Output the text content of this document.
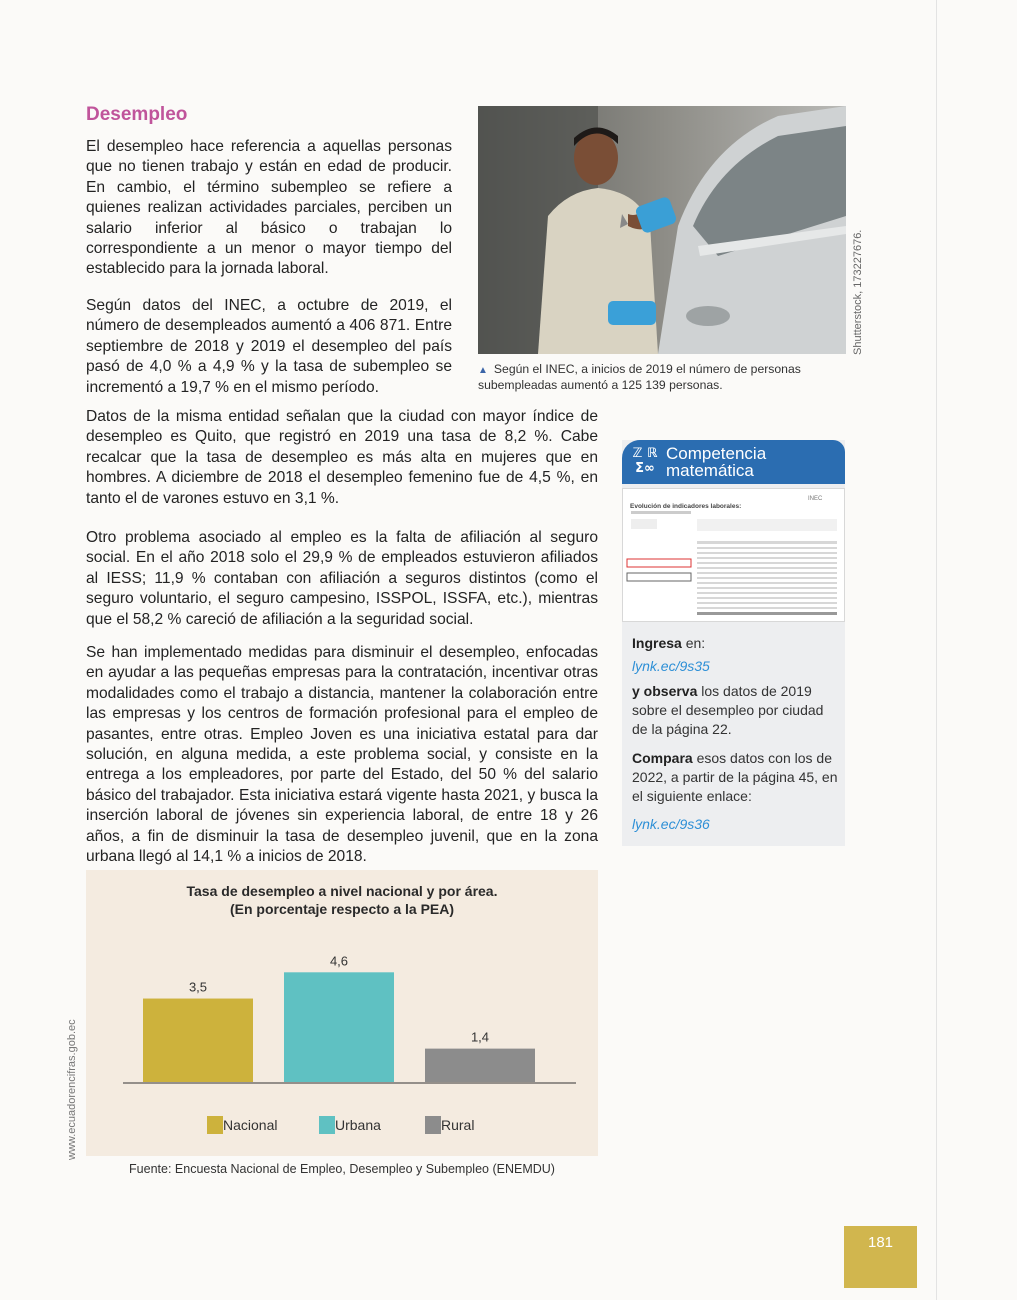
Desempleo

El desempleo hace referencia a aquellas personas que no tienen trabajo y están en edad de producir. En cambio, el término subempleo se refiere a quienes realizan actividades parciales, perciben un salario inferior al básico o trabajan lo correspondiente a un menor o mayor tiempo del establecido para la jornada laboral.

Según datos del INEC, a octubre de 2019, el número de desempleados aumentó a 406 871. Entre septiembre de 2018 y 2019 el desempleo del país pasó de 4,0 % a 4,9 % y la tasa de subempleo se incrementó a 19,7 % en el mismo período.

Datos de la misma entidad señalan que la ciudad con mayor índice de desempleo es Quito, que registró en 2019 una tasa de 8,2 %. Cabe recalcar que la tasa de desempleo es más alta en mujeres que en hombres. A diciembre de 2018 el desempleo femenino fue de 4,5 %, en tanto el de varones estuvo en 3,1 %.

Otro problema asociado al empleo es la falta de afiliación al seguro social. En el año 2018 solo el 29,9 % de empleados estuvieron afiliados al IESS; 11,9 % contaban con afiliación a seguros distintos (como el seguro voluntario, el seguro campesino, ISSPOL, ISSFA, etc.), mientras que el 58,2 % careció de afiliación a la seguridad social.

Se han implementado medidas para disminuir el desempleo, enfocadas en ayudar a las pequeñas empresas para la contratación, incentivar otras modalidades como el trabajo a distancia, mantener la colaboración entre las empresas y los centros de formación profesional para el empleo de pasantes, entre otras. Empleo Joven es una iniciativa estatal para dar solución, en alguna medida, a este problema social, y consiste en la entrega a los empleadores, por parte del Estado, del 50 % del salario básico del trabajador. Esta iniciativa estará vigente hasta 2021, y busca la inserción laboral de jóvenes sin experiencia laboral, de entre 18 y 26 años, a fin de disminuir la tasa de desempleo juvenil, que en la zona urbana llegó al 14,1 % a inicios de 2018.

Shutterstock, 173227676.
▲ Según el INEC, a inicios de 2019 el número de personas subempleadas aumentó a 125 139 personas.
ℤ ℝ
Σ∞
Competencia
matemática
Evolución de indicadores laborales:
INEC
Ingresa en:
lynk.ec/9s35
y observa los datos de 2019 sobre el desempleo por ciudad de la página 22.
Compara esos datos con los de 2022, a partir de la página 45, en el siguiente enlace:
lynk.ec/9s36
Tasa de desempleo a nivel nacional y por área.
(En porcentaje respecto a la PEA)
3,5
4,6
1,4
Nacional	Urbana	Rural
Fuente: Encuesta Nacional de Empleo, Desempleo y Subempleo (ENEMDU)
www.ecuadorencifras.gob.ec
181
